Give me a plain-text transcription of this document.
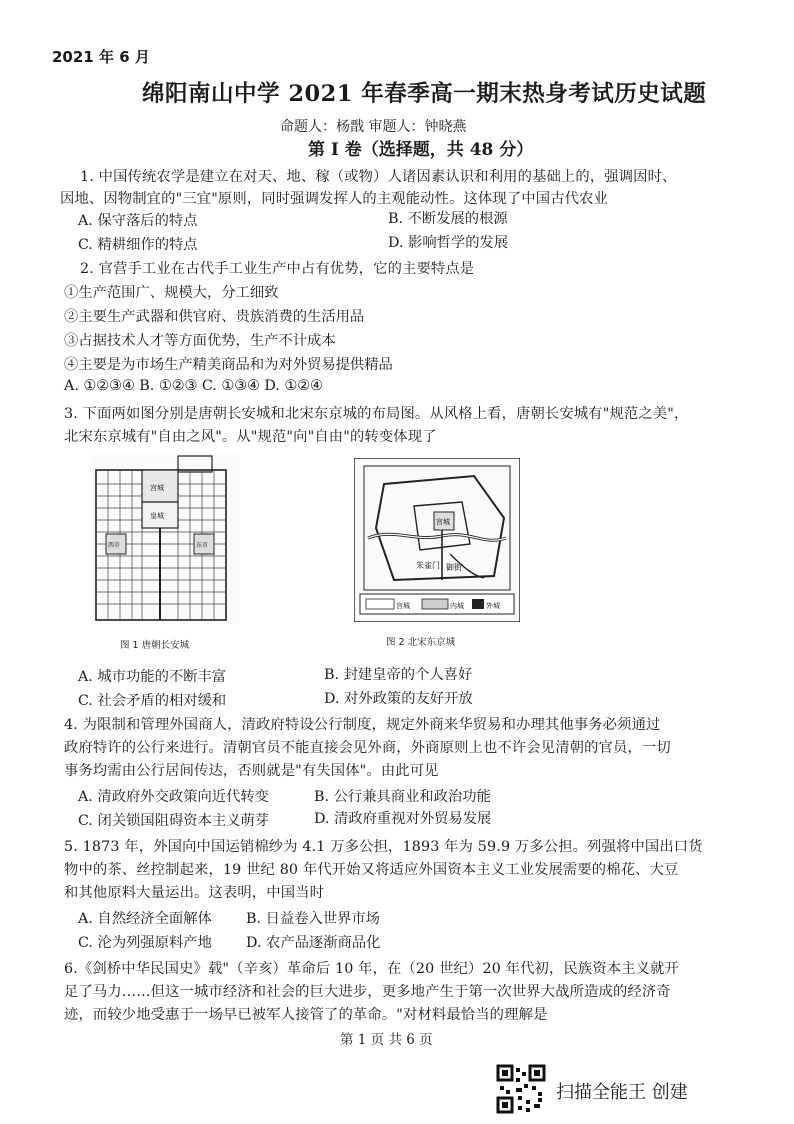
2021 年 6 月
绵阳南山中学 2021 年春季高一期末热身考试历史试题
命题人：杨戬 审题人：钟晓燕
第 I 卷（选择题，共 48 分）
1. 中国传统农学是建立在对天、地、稼（或物）人诸因素认识和利用的基础上的，强调因时、
因地、因物制宜的"三宜"原则，同时强调发挥人的主观能动性。这体现了中国古代农业
A. 保守落后的特点	B. 不断发展的根源
C. 精耕细作的特点	D. 影响哲学的发展
2. 官营手工业在古代手工业生产中占有优势，它的主要特点是
①生产范围广、规模大，分工细致
②主要生产武器和供官府、贵族消费的生活用品
③占据技术人才等方面优势，生产不计成本
④主要是为市场生产精美商品和为对外贸易提供精品
A. ①②③④ B. ①②③ C. ①③④ D. ①②④
3. 下面两如图分别是唐朝长安城和北宋东京城的布局图。从风格上看，唐朝长安城有"规范之美"，
北宋东京城有"自由之风"。从"规范"向"自由"的转变体现了
宫城
皇城
东市
西市
图 1 唐朝长安城
朱雀门 御街
宫城
宫城	内城	外城
图 2 北宋东京城
A. 城市功能的不断丰富	B. 封建皇帝的个人喜好
C. 社会矛盾的相对缓和	D. 对外政策的友好开放
4. 为限制和管理外国商人，清政府特设公行制度，规定外商来华贸易和办理其他事务必须通过
政府特许的公行来进行。清朝官员不能直接会见外商，外商原则上也不许会见清朝的官员，一切
事务均需由公行居间传达，否则就是"有失国体"。由此可见
A. 清政府外交政策向近代转变	B. 公行兼具商业和政治功能
C. 闭关锁国阻碍资本主义萌芽	D. 清政府重视对外贸易发展
5. 1873 年，外国向中国运销棉纱为 4.1 万多公担，1893 年为 59.9 万多公担。列强将中国出口货
物中的茶、丝控制起来，19 世纪 80 年代开始又将适应外国资本主义工业发展需要的棉花、大豆
和其他原料大量运出。这表明，中国当时
A. 自然经济全面解体 B. 日益卷入世界市场
C. 沦为列强原料产地 D. 农产品逐渐商品化
6.《剑桥中华民国史》载"（辛亥）革命后 10 年，在（20 世纪）20 年代初，民族资本主义就开
足了马力……但这一城市经济和社会的巨大进步，更多地产生于第一次世界大战所造成的经济奇
迹，而较少地受惠于一场早已被军人接管了的革命。"对材料最恰当的理解是
第 1 页 共 6 页
扫描全能王 创建
